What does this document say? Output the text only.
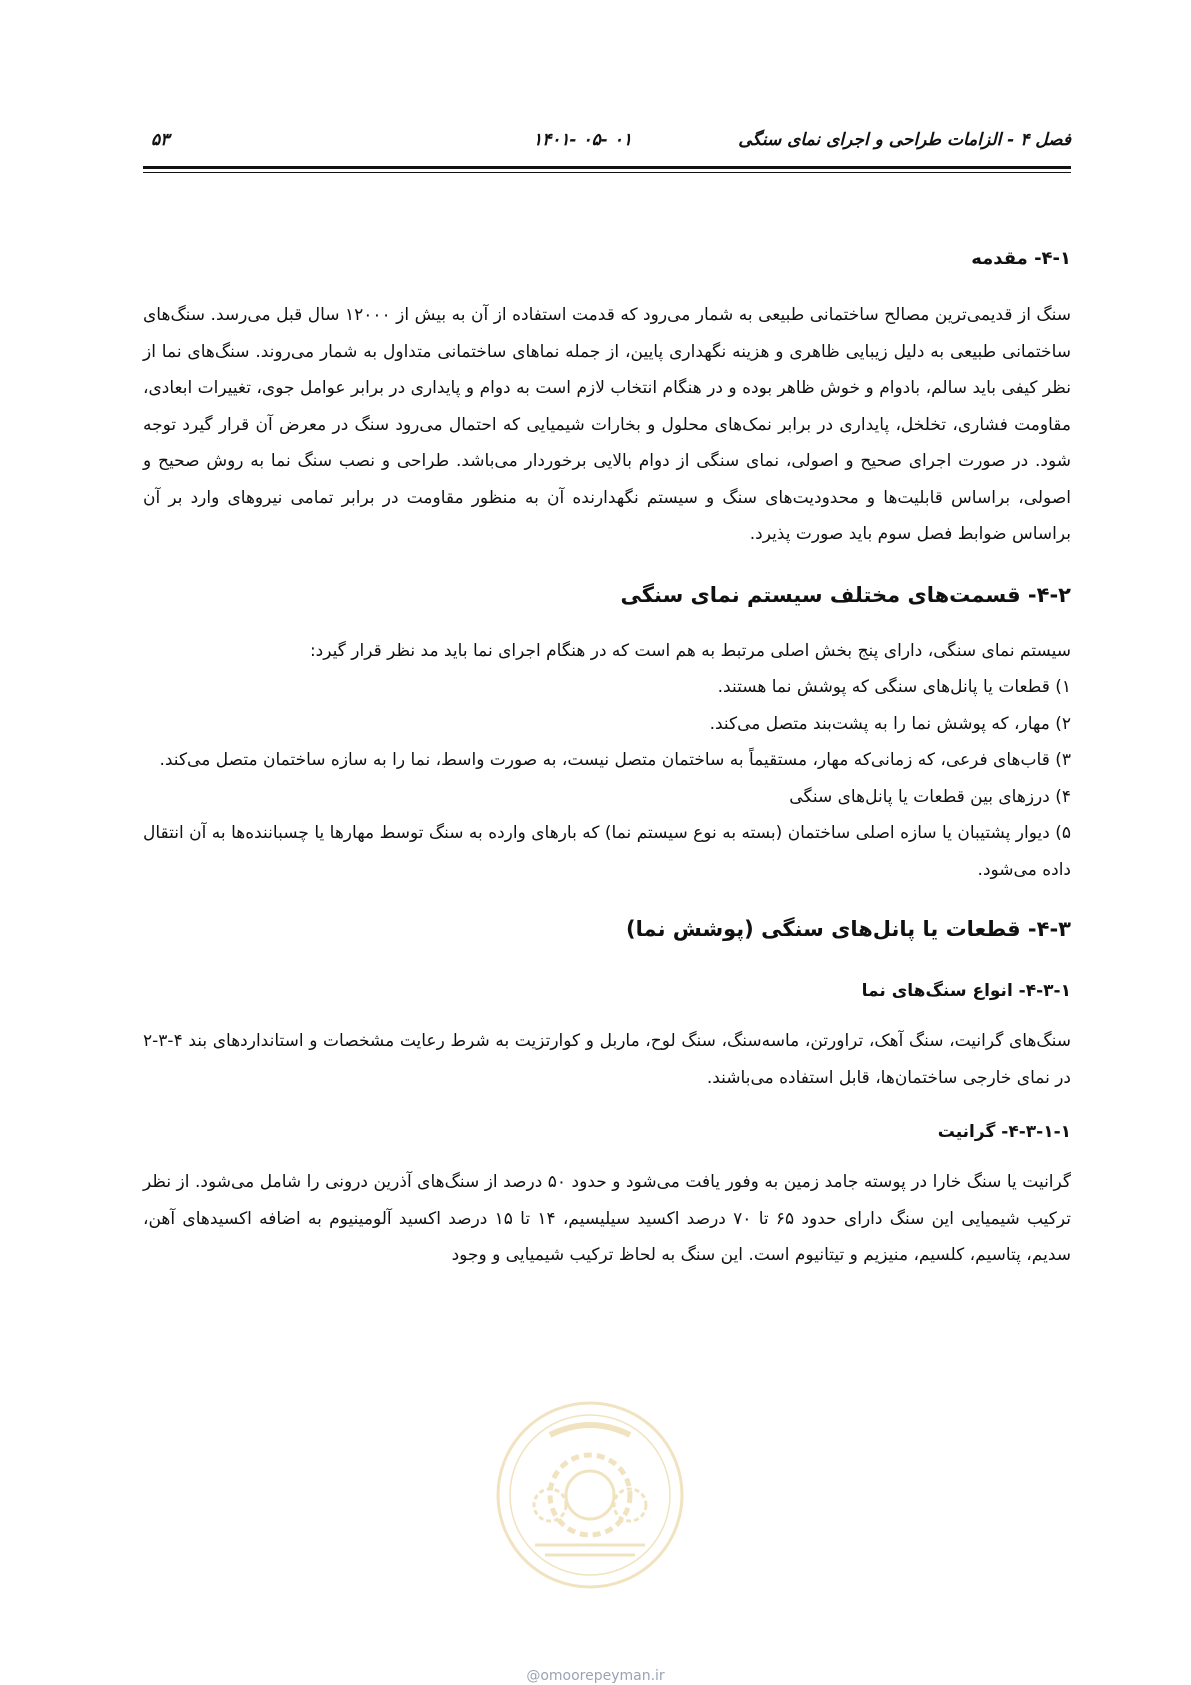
فصل ۴ - الزامات طراحی و اجرای نمای سنگی
۰۱ -۰۵ -۱۴۰۱
۵۳
۴-۱- مقدمه

سنگ از قدیمی‌ترین مصالح ساختمانی طبیعی به شمار می‌رود که قدمت استفاده از آن به بیش از ۱۲۰۰۰ سال قبل می‌رسد. سنگ‌های ساختمانی طبیعی به دلیل زیبایی ظاهری و هزینه نگهداری پایین، از جمله نماهای ساختمانی متداول به شمار می‌روند. سنگ‌های نما از نظر کیفی باید سالم، بادوام و خوش ظاهر بوده و در هنگام انتخاب لازم است به دوام و پایداری در برابر عوامل جوی، تغییرات ابعادی، مقاومت فشاری، تخلخل، پایداری در برابر نمک‌های محلول و بخارات شیمیایی که احتمال می‌رود سنگ در معرض آن قرار گیرد توجه شود. در صورت اجرای صحیح و اصولی، نمای سنگی از دوام بالایی برخوردار می‌باشد. طراحی و نصب سنگ نما به روش صحیح و اصولی، براساس قابلیت‌ها و محدودیت‌های سنگ و سیستم نگهدارنده آن به منظور مقاومت در برابر تمامی نیروهای وارد بر آن براساس ضوابط فصل سوم باید صورت پذیرد.

۴-۲- قسمت‌های مختلف سیستم نمای سنگی

سیستم نمای سنگی، دارای پنج بخش اصلی مرتبط به هم است که در هنگام اجرای نما باید مد نظر قرار گیرد:

۱) قطعات یا پانل‌های سنگی که پوشش نما هستند.

۲) مهار، که پوشش نما را به پشت‌بند متصل می‌کند.

۳) قاب‌های فرعی، که زمانی‌که مهار، مستقیماً به ساختمان متصل نیست، به صورت واسط، نما را به سازه ساختمان متصل می‌کند.

۴) درزهای بین قطعات یا پانل‌های سنگی

۵) دیوار پشتیبان یا سازه اصلی ساختمان (بسته به نوع سیستم نما) که بارهای وارده به سنگ توسط مهارها یا چسباننده‌ها به آن انتقال داده می‌شود.

۴-۳- قطعات یا پانل‌های سنگی (پوشش نما)
۴-۳-۱- انواع سنگ‌های نما

سنگ‌های گرانیت، سنگ آهک، تراورتن، ماسه‌سنگ، سنگ لوح، ماربل و کوارتزیت به شرط رعایت مشخصات و استانداردهای بند ۴-۳-۲ در نمای خارجی ساختمان‌ها، قابل استفاده می‌باشند.

۴-۳-۱-۱- گرانیت

گرانیت یا سنگ خارا در پوسته جامد زمین به وفور یافت می‌شود و حدود ۵۰ درصد از سنگ‌های آذرین درونی را شامل می‌شود. از نظر ترکیب شیمیایی این سنگ دارای حدود ۶۵ تا ۷۰ درصد اکسید سیلیسیم، ۱۴ تا ۱۵ درصد اکسید آلومینیوم به اضافه اکسیدهای آهن، سدیم، پتاسیم، کلسیم، منیزیم و تیتانیوم است. این سنگ به لحاظ ترکیب شیمیایی و وجود

@omoorepeyman.ir
